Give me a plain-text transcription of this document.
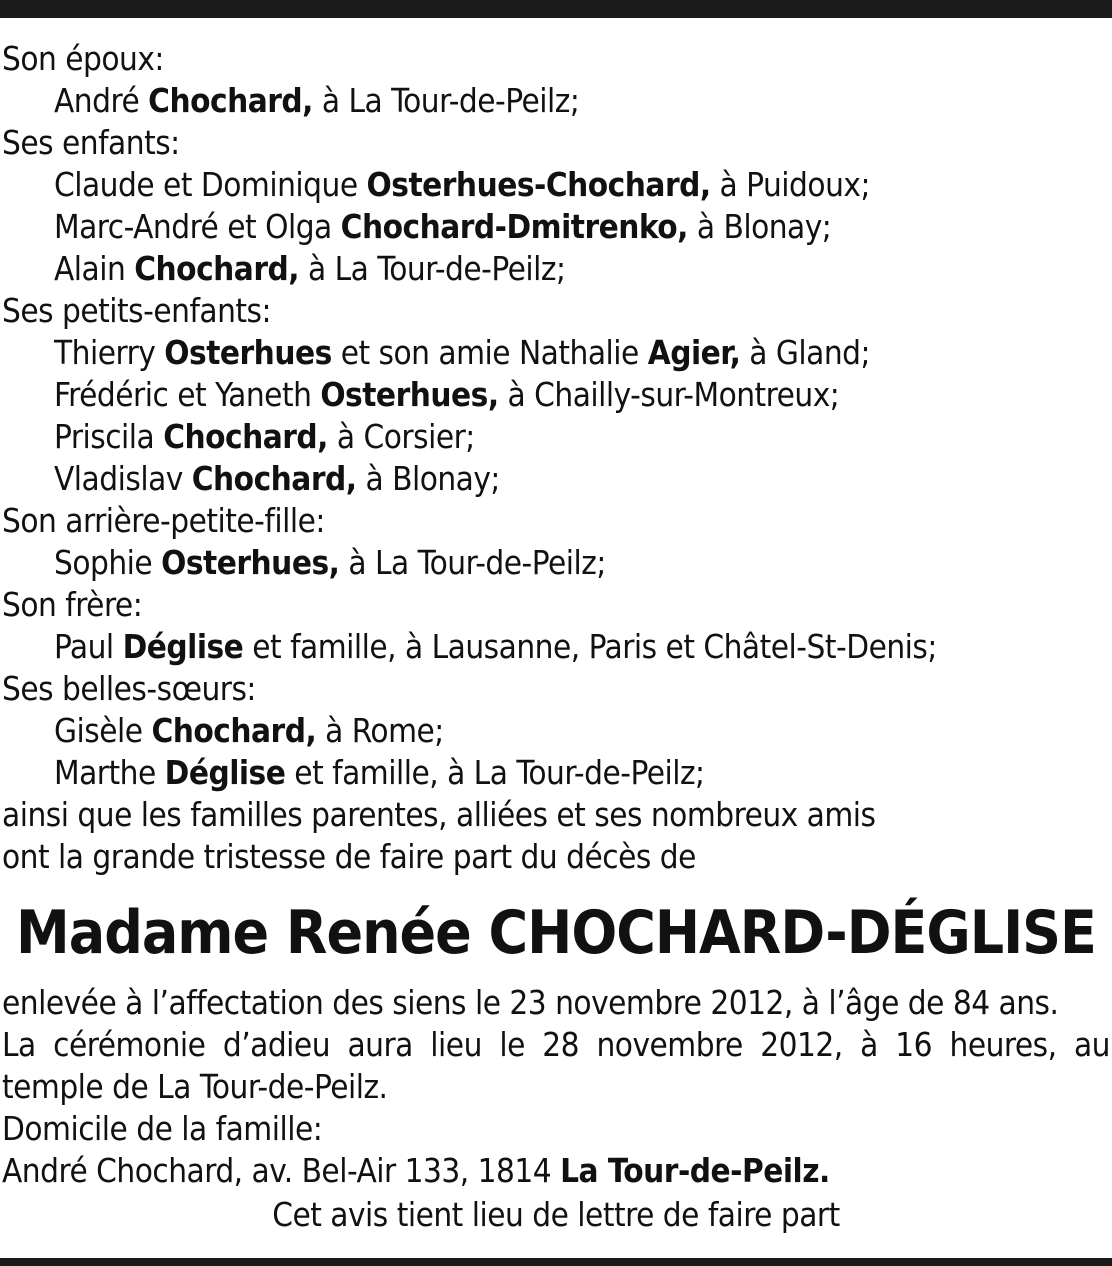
Son époux:
André Chochard, à La Tour-de-Peilz;
Ses enfants:
Claude et Dominique Osterhues-Chochard, à Puidoux;
Marc-André et Olga Chochard-Dmitrenko, à Blonay;
Alain Chochard, à La Tour-de-Peilz;
Ses petits-enfants:
Thierry Osterhues et son amie Nathalie Agier, à Gland;
Frédéric et Yaneth Osterhues, à Chailly-sur-Montreux;
Priscila Chochard, à Corsier;
Vladislav Chochard, à Blonay;
Son arrière-petite-fille:
Sophie Osterhues, à La Tour-de-Peilz;
Son frère:
Paul Déglise et famille, à Lausanne, Paris et Châtel-St-Denis;
Ses belles-sœurs:
Gisèle Chochard, à Rome;
Marthe Déglise et famille, à La Tour-de-Peilz;
ainsi que les familles parentes, alliées et ses nombreux amis
ont la grande tristesse de faire part du décès de
Madame Renée CHOCHARD-DÉGLISE
enlevée à l’affectation des siens le 23 novembre 2012, à l’âge de 84 ans.
La cérémonie d’adieu aura lieu le 28 novembre 2012, à 16 heures, au
temple de La Tour-de-Peilz.
Domicile de la famille:
André Chochard, av. Bel-Air 133, 1814 La Tour-de-Peilz.
Cet avis tient lieu de lettre de faire part
